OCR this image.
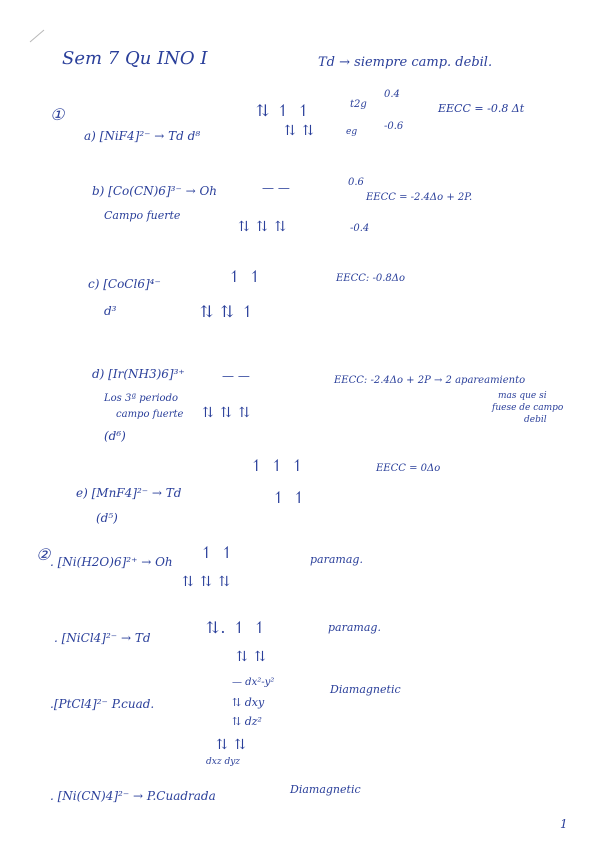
Sem 7 Qu INO I	Td → siempre camp. debil.
①
a) [NiF4]²⁻ → Td d⁸
⇅ ↿ ↿	t2g
0.4
⇅ ⇅	eg	-0.6
EECC = -0.8 Δt
b) [Co(CN)6]³⁻ → Oh
Campo fuerte
— —	0.6
EECC = -2.4Δo + 2P.
⇅ ⇅ ⇅	-0.4
c) [CoCl6]⁴⁻
d³
↿ ↿	EECC: -0.8Δo
⇅ ⇅ ↿
d) [Ir(NH3)6]³⁺
Los 3ª periodo
campo fuerte
(d⁶)
— —
⇅ ⇅ ⇅
EECC: -2.4Δo + 2P → 2 apareamiento
mas que si
fuese de campo
debil
e) [MnF4]²⁻ → Td
(d⁵)
↿ ↿ ↿
↿ ↿
EECC = 0Δo
② . [Ni(H2O)6]²⁺ → Oh ↿ ↿
⇅ ⇅ ⇅
paramag.
. [NiCl4]²⁻ → Td
⇅. ↿ ↿
⇅ ⇅
paramag.
.[PtCl4]²⁻ P.cuad.
— dx²-y²
⇅ dxy
⇅ dz²
⇅ ⇅
dxz dyz
Diamagnetic
. [Ni(CN)4]²⁻ → P.Cuadrada	Diamagnetic
1
